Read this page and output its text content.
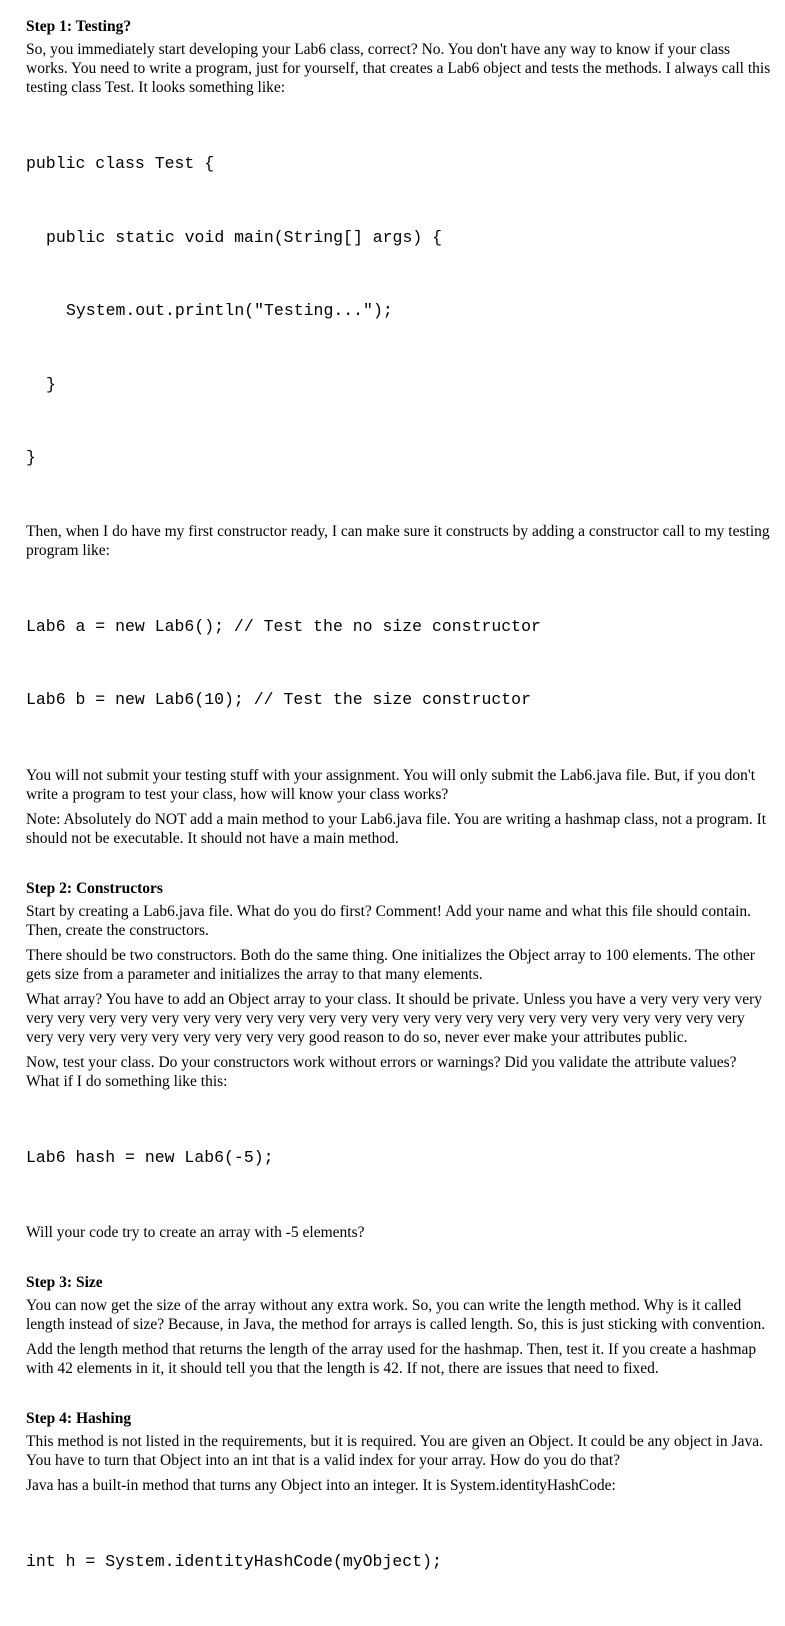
Step 1: Testing?

So, you immediately start developing your Lab6 class, correct? No. You don't have any way to know if your class works. You need to write a program, just for yourself, that creates a Lab6 object and tests the methods. I always call this testing class Test. It looks something like:

public class Test {

public static void main(String[] args) {

System.out.println("Testing...");

}

}

Then, when I do have my first constructor ready, I can make sure it constructs by adding a constructor call to my testing program like:

Lab6 a = new Lab6(); // Test the no size constructor

Lab6 b = new Lab6(10); // Test the size constructor

You will not submit your testing stuff with your assignment. You will only submit the Lab6.java file. But, if you don't write a program to test your class, how will know your class works?

Note: Absolutely do NOT add a main method to your Lab6.java file. You are writing a hashmap class, not a program. It should not be executable. It should not have a main method.

Step 2: Constructors

Start by creating a Lab6.java file. What do you do first? Comment! Add your name and what this file should contain. Then, create the constructors.

There should be two constructors. Both do the same thing. One initializes the Object array to 100 elements. The other gets size from a parameter and initializes the array to that many elements.

What array? You have to add an Object array to your class. It should be private. Unless you have a very very very very very very very very very very very very very very very very very very very very very very very very very very very very very very very very very very very very good reason to do so, never ever make your attributes public.

Now, test your class. Do your constructors work without errors or warnings? Did you validate the attribute values? What if I do something like this:

Lab6 hash = new Lab6(-5);

Will your code try to create an array with -5 elements?

Step 3: Size

You can now get the size of the array without any extra work. So, you can write the length method. Why is it called length instead of size? Because, in Java, the method for arrays is called length. So, this is just sticking with convention.

Add the length method that returns the length of the array used for the hashmap. Then, test it. If you create a hashmap with 42 elements in it, it should tell you that the length is 42. If not, there are issues that need to fixed.

Step 4: Hashing

This method is not listed in the requirements, but it is required. You are given an Object. It could be any object in Java. You have to turn that Object into an int that is a valid index for your array. How do you do that?

Java has a built-in method that turns any Object into an integer. It is System.identityHashCode:

int h = System.identityHashCode(myObject);
